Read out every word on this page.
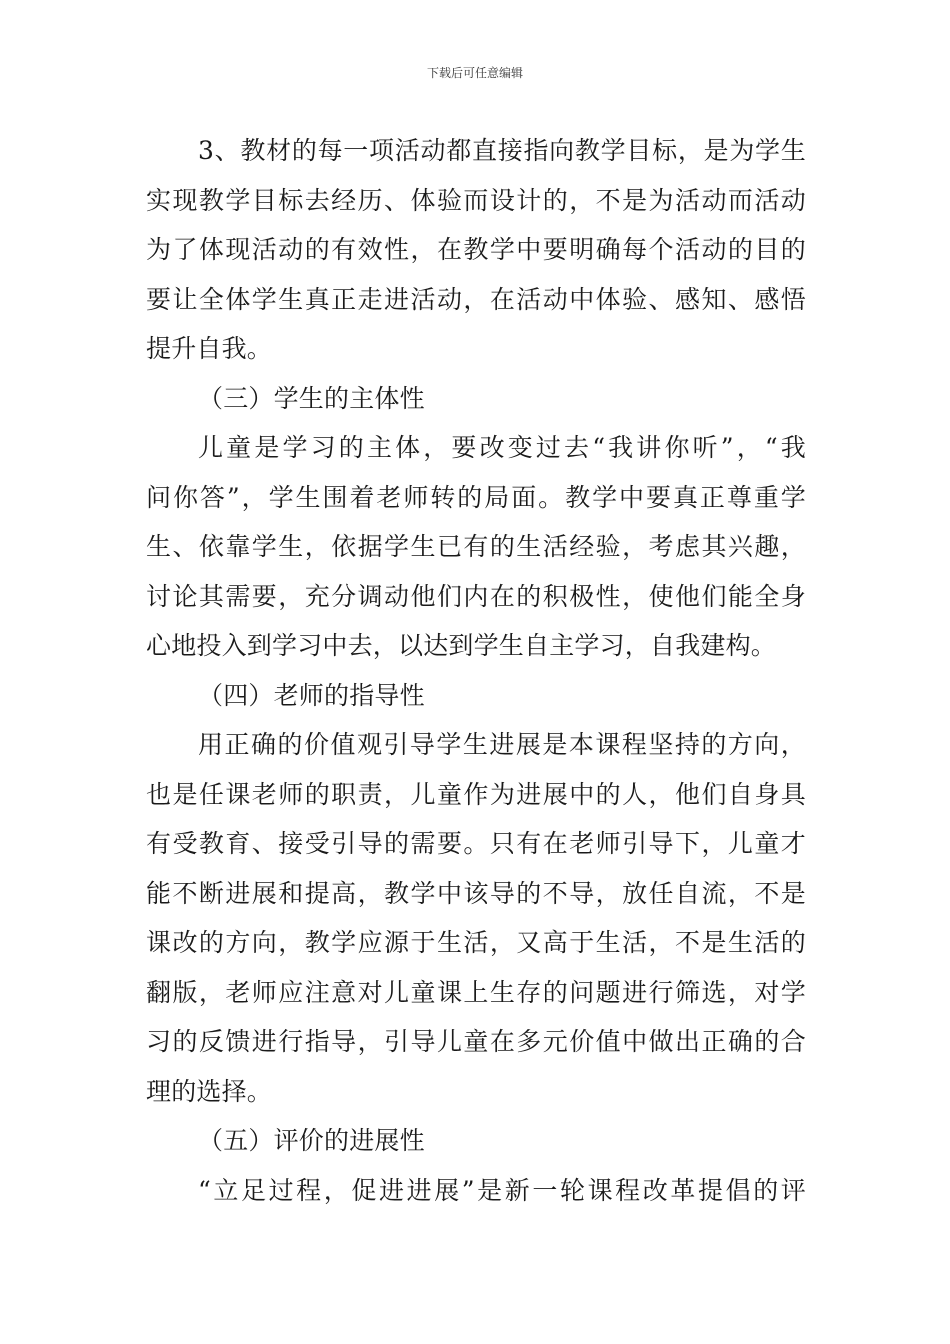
下载后可任意编辑
3、教材的每一项活动都直接指向教学目标，是为学生
实现教学目标去经历、体验而设计的，不是为活动而活动
为了体现活动的有效性，在教学中要明确每个活动的目的
要让全体学生真正走进活动，在活动中体验、感知、感悟
提升自我。
（三）学生的主体性
儿童是学习的主体，要改变过去“我讲你听”，“我
问你答”，学生围着老师转的局面。教学中要真正尊重学
生、依靠学生，依据学生已有的生活经验，考虑其兴趣，
讨论其需要，充分调动他们内在的积极性，使他们能全身
心地投入到学习中去，以达到学生自主学习，自我建构。
（四）老师的指导性
用正确的价值观引导学生进展是本课程坚持的方向，
也是任课老师的职责，儿童作为进展中的人，他们自身具
有受教育、接受引导的需要。只有在老师引导下，儿童才
能不断进展和提高，教学中该导的不导，放任自流，不是
课改的方向，教学应源于生活，又高于生活，不是生活的
翻版，老师应注意对儿童课上生存的问题进行筛选，对学
习的反馈进行指导，引导儿童在多元价值中做出正确的合
理的选择。
（五）评价的进展性
“立足过程，促进进展”是新一轮课程改革提倡的评
